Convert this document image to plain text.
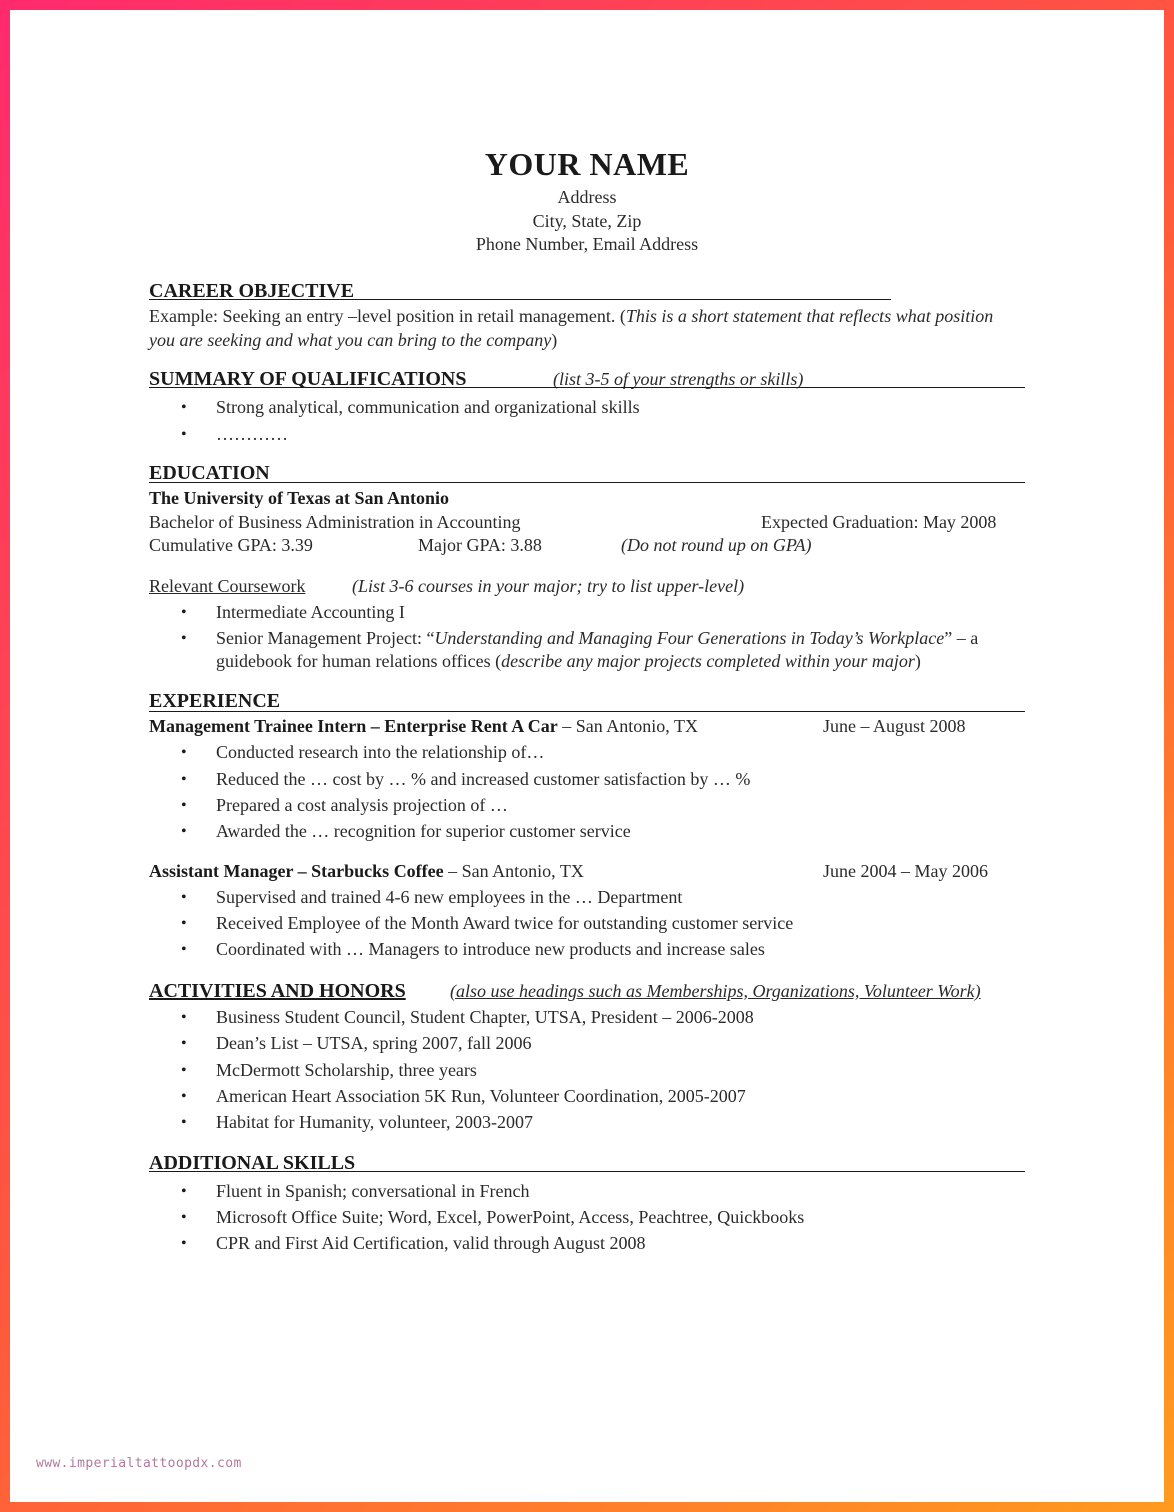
YOUR NAME
Address
City, State, Zip
Phone Number, Email Address
CAREER OBJECTIVE
Example: Seeking an entry –level position in retail management. (This is a short statement that reflects what position
you are seeking and what you can bring to the company)
SUMMARY OF QUALIFICATIONS	(list 3-5 of your strengths or skills)
• Strong analytical, communication and organizational skills
• …………
EDUCATION
The University of Texas at San Antonio
Bachelor of Business Administration in Accounting	Expected Graduation: May 2008
Cumulative GPA: 3.39	Major GPA: 3.88	(Do not round up on GPA)
Relevant Coursework	(List 3-6 courses in your major; try to list upper-level)
• Intermediate Accounting I
• Senior Management Project: “Understanding and Managing Four Generations in Today’s Workplace” – a
guidebook for human relations offices (describe any major projects completed within your major)
EXPERIENCE
Management Trainee Intern – Enterprise Rent A Car – San Antonio, TX	June – August 2008
• Conducted research into the relationship of…
• Reduced the … cost by … % and increased customer satisfaction by … %
• Prepared a cost analysis projection of …
• Awarded the … recognition for superior customer service
Assistant Manager – Starbucks Coffee – San Antonio, TX	June 2004 – May 2006
• Supervised and trained 4-6 new employees in the … Department
• Received Employee of the Month Award twice for outstanding customer service
• Coordinated with … Managers to introduce new products and increase sales
ACTIVITIES AND HONORS (also use headings such as Memberships, Organizations, Volunteer Work)
• Business Student Council, Student Chapter, UTSA, President – 2006-2008
• Dean’s List – UTSA, spring 2007, fall 2006
• McDermott Scholarship, three years
• American Heart Association 5K Run, Volunteer Coordination, 2005-2007
• Habitat for Humanity, volunteer, 2003-2007
ADDITIONAL SKILLS
• Fluent in Spanish; conversational in French
• Microsoft Office Suite; Word, Excel, PowerPoint, Access, Peachtree, Quickbooks
• CPR and First Aid Certification, valid through August 2008
www.imperialtattoopdx.com
